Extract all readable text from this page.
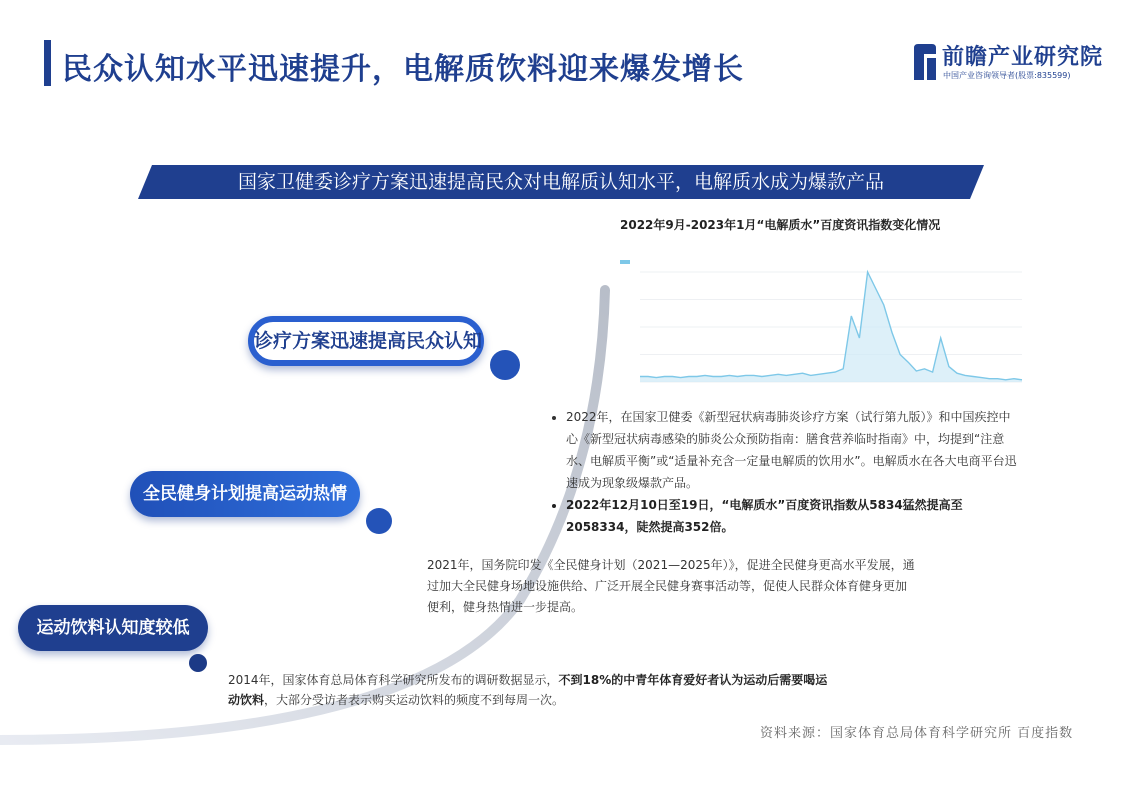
民众认知水平迅速提升，电解质饮料迎来爆发增长	前瞻产业研究院
中国产业咨询领导者(股票:835599)
国家卫健委诊疗方案迅速提高民众对电解质认知水平，电解质水成为爆款产品
2022年9月-2023年1月“电解质水”百度资讯指数变化情况
诊疗方案迅速提高民众认知
• 2022年，在国家卫健委《新型冠状病毒肺炎诊疗方案（试行第九版）》和中国疾控中心《新型冠状病毒感染的肺炎公众预防指南：膳食营养临时指南》中，均提到“注意水、电解质平衡”或“适量补充含一定量电解质的饮用水”。电解质水在各大电商平台迅速成为现象级爆款产品。
• 2022年12月10日至19日，“电解质水”百度资讯指数从5834猛然提高至2058334，陡然提高352倍。
全民健身计划提高运动热情
2021年，国务院印发《全民健身计划（2021—2025年）》，促进全民健身更高水平发展，通过加大全民健身场地设施供给、广泛开展全民健身赛事活动等，促使人民群众体育健身更加便利，健身热情进一步提高。
运动饮料认知度较低
2014年，国家体育总局体育科学研究所发布的调研数据显示，不到18%的中青年体育爱好者认为运动后需要喝运动饮料，大部分受访者表示购买运动饮料的频度不到每周一次。
资料来源：国家体育总局体育科学研究所 百度指数
